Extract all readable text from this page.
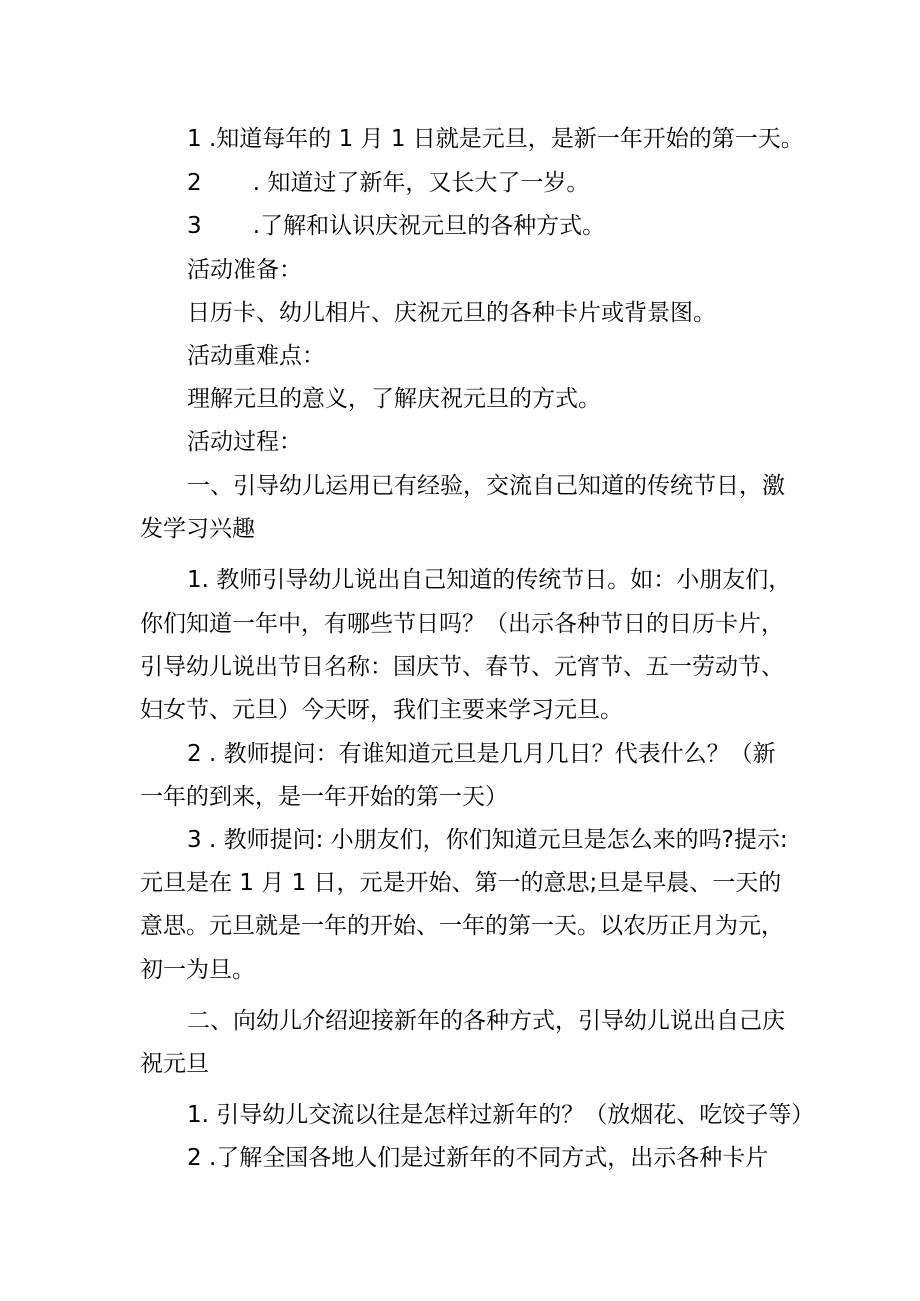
1 .知道每年的 1 月 1 日就是元旦，是新一年开始的第一天。
2       . 知道过了新年，又长大了一岁。
3       .了解和认识庆祝元旦的各种方式。
活动准备：
日历卡、幼儿相片、庆祝元旦的各种卡片或背景图。
活动重难点：
理解元旦的意义，了解庆祝元旦的方式。
活动过程：
一、引导幼儿运用已有经验，交流自己知道的传统节日，激
发学习兴趣
1. 教师引导幼儿说出自己知道的传统节日。如：小朋友们，
你们知道一年中，有哪些节日吗？（出示各种节日的日历卡片，
引导幼儿说出节日名称：国庆节、春节、元宵节、五一劳动节、
妇女节、元旦）今天呀，我们主要来学习元旦。
2 . 教师提问：有谁知道元旦是几月几日？代表什么？（新
一年的到来，是一年开始的第一天）
3 . 教师提问: 小朋友们，你们知道元旦是怎么来的吗?提示:
元旦是在 1 月 1 日，元是开始、第一的意思;旦是早晨、一天的
意思。元旦就是一年的开始、一年的第一天。以农历正月为元，
初一为旦。
二、向幼儿介绍迎接新年的各种方式，引导幼儿说出自己庆
祝元旦
1. 引导幼儿交流以往是怎样过新年的？（放烟花、吃饺子等）
2 .了解全国各地人们是过新年的不同方式，出示各种卡片
